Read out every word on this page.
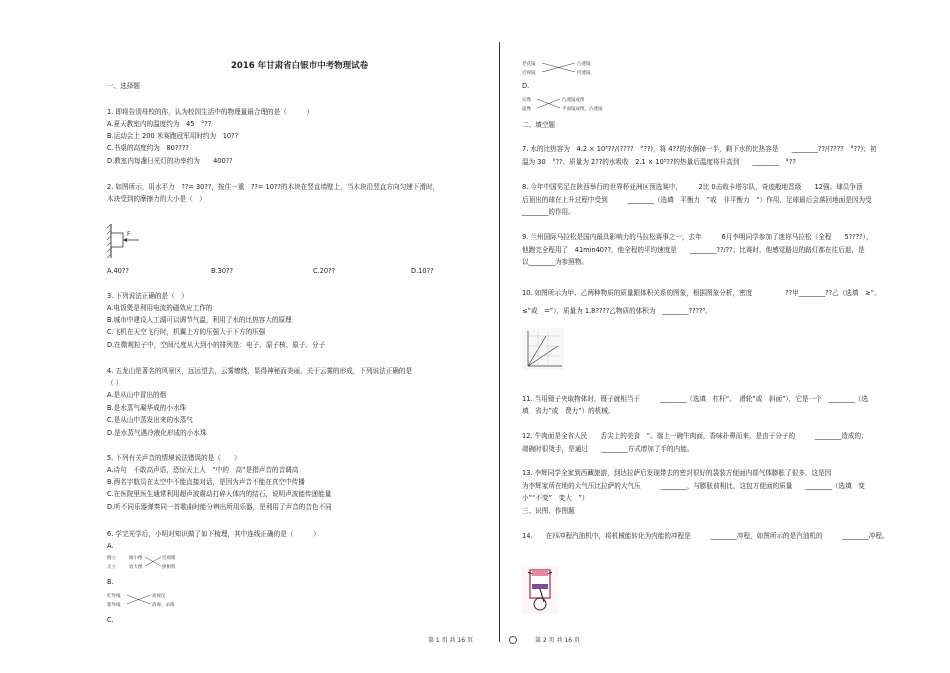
2016 年甘肃省白银市中考物理试卷
一、选择题
1. 即将告别母校的你，认为校园生活中的物理量最合理的是（　　　）
A.夏天教室内的温度约为　45　°??
B.运动会上 200 米赛跑冠军用时约为　10??
C.书桌的高度约为　80????
D.教室内每盏日光灯的功率约为　　400??
2. 如图所示，用水平力　??= 30??，按住一重　??= 10??的木块在竖直墙壁上，当木块沿竖直方向匀速下滑时，
木块受到的摩擦力的大小是（　）
F
A.40??	B.30??	C.20??	D.10??
3. 下列说法正确的是（　）
A.电饭煲是利用电流的磁效应工作的
B.城市中建设人工湖可以调节气温，利用了水的比热容大的原理
C.飞机在天空飞行时，机翼上方的压强大于下方的压强
D.在微观粒子中，空间尺度从大到小的排列是：电子、原子核、原子、分子
4. 五龙山是著名的风景区，远远望去，云雾缭绕，显得神秘而美丽，关于云雾的形成，下列说法正确的是
（ ）
A.是从山中冒出的烟
B.是水蒸气凝华成的小水珠
C.是从山中蒸发出来的水蒸气
D.是水蒸气遇冷液化形成的小水珠
5. 下列有关声音的情境说法错误的是（　　）
A.诗句　不敢高声语，恐惊天上人　”中的　高”是指声音的音调高
B.两名宇航员在太空中不能直接对话，是因为声音不能在真空中传播
C.在医院里医生通常利用超声波震动打碎人体内的结石，说明声波能传递能量
D.听不同乐器弹奏同一首歌曲时能分辨出所用乐器，是利用了声音的音色不同
6. 学完光学后，小明对知识做了如下梳理，其中连线正确的是（　　　）
A.
倒立
正立
缩小像
放大像
近视眼
照相机
B.
红外线
紫外线
夜视仪
消毒、杀菌
C.
第 1 页 共 16 页
老花镜
近视镜
凸透镜
凹透镜
D.
实像
虚像
凸透镜成像
平面镜成像、凸透镜
二、填空题
7. 水的比热容为　4.2 × 10³??/(????　°??)，将 4??的水倒掉一半，剩下水的比热容是　　________??/(????　°??)；初
温为 30　°??、质量为 2??的水吸收　2.1 × 10⁵??的热量后温度将升高到　　________　°??
8. 今年中国男足在陕西举行的世界杯亚洲区预选赛中，　　　2比 0击败卡塔尔队，奇迹般地晋级　　12强。球员争顶
后顶出的球在上升过程中受到　　　________（选填　平衡力　”或　非平衡力　”）作用，足球最后会落回地面是因为受
________的作用。
9. 兰州国际马拉松是国内最具影响力的马拉松赛事之一，去年　　　6月李明同学参加了迷你马拉松（全程　　5????），
他跑完全程用了　41min40??，他全程的平均速度是　　________??/??；比赛时，他感觉路边的路灯都在往后退，是
以________为参照物。
10. 如图所示为甲、乙两种物质的质量跟体积关系的图象，根据图象分析，密度　　　　　??甲________??乙（选填　≥”、
≤”或　=”），质量为 1.8????乙物质的体积为　________????³。
11. 当用镊子夹取物体时，镊子就相当于　　　________（选填　杠杆”、　滑轮”或　斜面”），它是一个　________（选
填　省力”或　费力”）的机械。
12. 牛肉面是全省人民　　舌尖上的美食　”。端上一碗牛肉面，香味扑鼻而来，是由于分子的　　　________造成的；
端碗时很烫手，是通过　　________方式增加了手的内能。
13. 李辉同学全家到西藏旅游，到达拉萨后发现带去的密封很好的袋装方便面内部气体膨胀了很多，这是因
为李辉家所在地的大气压比拉萨的大气压　　　________，与膨胀前相比，这包方便面的质量　　________（选填　变
小”“不变”　变大　”）
三、识图、作图题
14.　　在四冲程汽油机中，将机械能转化为内能的冲程是　　　________冲程，如图所示的是汽油机的　　　________冲程。
第 2 页 共 16 页
